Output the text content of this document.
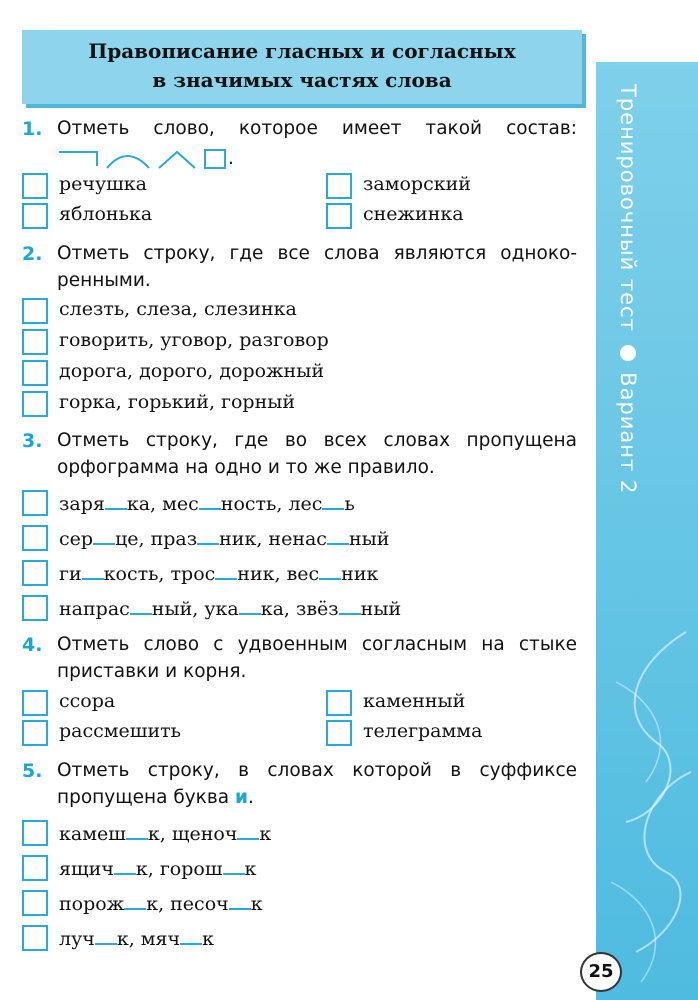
Правописание гласных и согласных
в значимых частях слова
Тренировочный тест ● Вариант 2
1. Отметь слово, которое имеет такой состав:
.
речушка	заморский
яблонька	снежинка
2. Отметь строку, где все слова являются одноко-
ренными.
слезть, слеза, слезинка
говорить, уговор, разговор
дорога, дорого, дорожный
горка, горький, горный
3. Отметь строку, где во всех словах пропущена
орфограмма на одно и то же правило.
заря ка, мес ность, лес ь
сер це, праз ник, ненас ный
ги кость, трос ник, вес ник
напрас ный, ука ка, звёз ный
4. Отметь слово с удвоенным согласным на стыке
приставки и корня.
ссора	каменный
рассмешить	телеграмма
5. Отметь строку, в словах которой в суффиксе
пропущена буква и.
камеш к, щеноч к
ящич к, горош к
порож к, песоч к
луч к, мяч к
25
